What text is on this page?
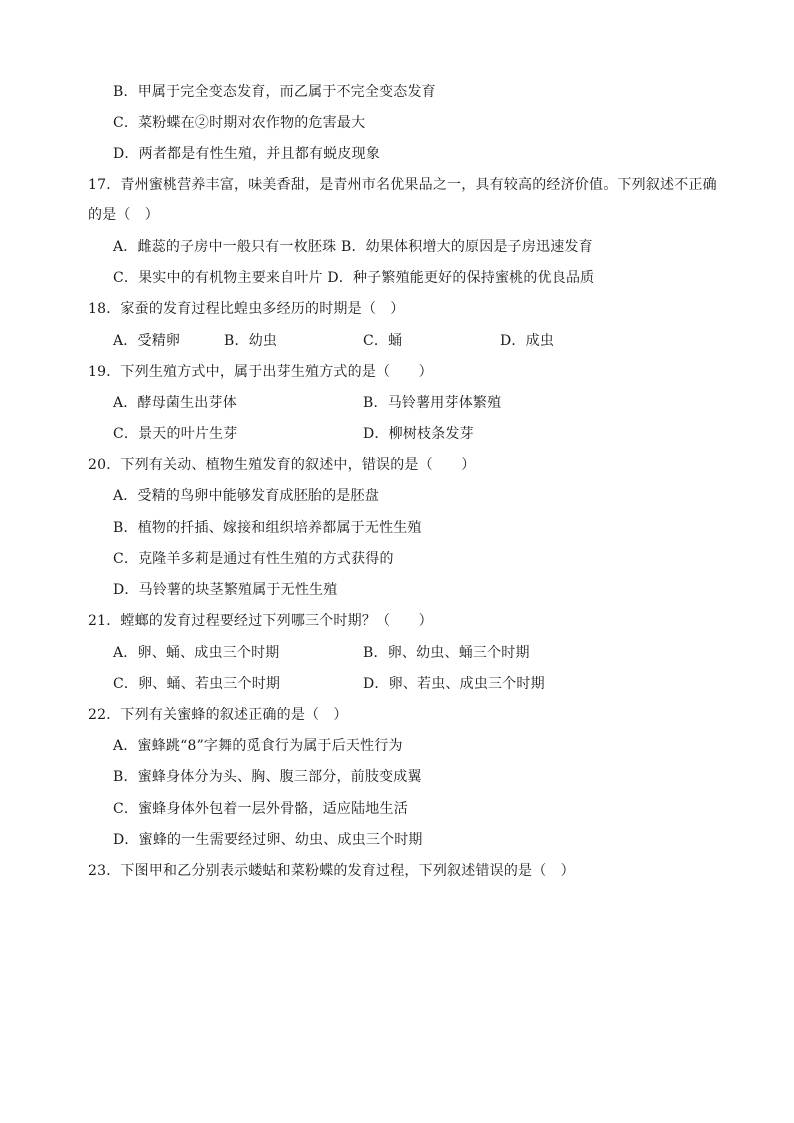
B．甲属于完全变态发育，而乙属于不完全变态发育
C．菜粉蝶在②时期对农作物的危害最大
D．两者都是有性生殖，并且都有蜕皮现象
17．青州蜜桃营养丰富，味美香甜，是青州市名优果品之一，具有较高的经济价值。下列叙述不正确
的是（　）
A．雌蕊的子房中一般只有一枚胚珠 B．幼果体积增大的原因是子房迅速发育
C．果实中的有机物主要来自叶片 D．种子繁殖能更好的保持蜜桃的优良品质
18．家蚕的发育过程比蝗虫多经历的时期是（　）
A．受精卵	B．幼虫	C．蛹	D．成虫
19．下列生殖方式中，属于出芽生殖方式的是（　　）
A．酵母菌生出芽体	B．马铃薯用芽体繁殖
C．景天的叶片生芽	D．柳树枝条发芽
20．下列有关动、植物生殖发育的叙述中，错误的是（　　）
A．受精的鸟卵中能够发育成胚胎的是胚盘
B．植物的扦插、嫁接和组织培养都属于无性生殖
C．克隆羊多莉是通过有性生殖的方式获得的
D．马铃薯的块茎繁殖属于无性生殖
21．螳螂的发育过程要经过下列哪三个时期？（　　）
A．卵、蛹、成虫三个时期	B．卵、幼虫、蛹三个时期
C．卵、蛹、若虫三个时期	D．卵、若虫、成虫三个时期
22．下列有关蜜蜂的叙述正确的是（　）
A．蜜蜂跳“8”字舞的觅食行为属于后天性行为
B．蜜蜂身体分为头、胸、腹三部分，前肢变成翼
C．蜜蜂身体外包着一层外骨骼，适应陆地生活
D．蜜蜂的一生需要经过卵、幼虫、成虫三个时期
23．下图甲和乙分别表示蝼蛄和菜粉蝶的发育过程，下列叙述错误的是（　）
